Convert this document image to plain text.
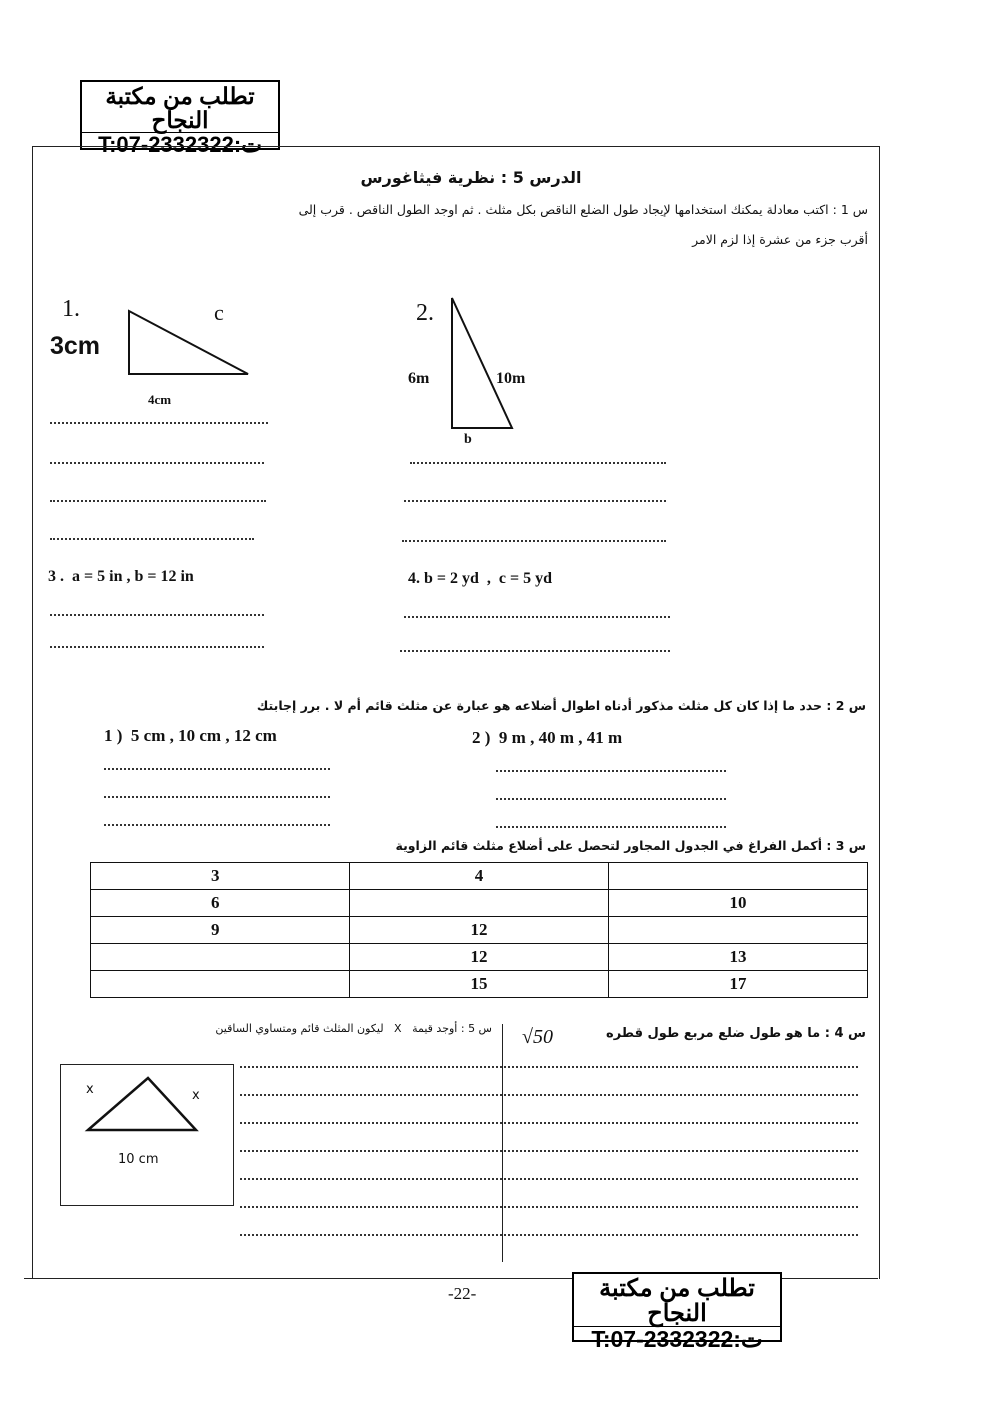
تطلب من مكتبة النجاح
T:07-2332322:ت
الدرس 5 : نظرية فيثاغورس
س 1 : اكتب معادلة يمكنك استخدامها لإيجاد طول الضلع الناقص بكل مثلث . ثم اوجد الطول الناقص . قرب إلى
أقرب جزء من عشرة إذا لزم الامر
1.
3cm
c
4cm
2.
6m	10m
b
3 .  a = 5 in , b = 12 in	4. b = 2 yd  ,  c = 5 yd
س 2 : حدد ما إذا كان كل مثلث مذكور أدناه اطوال أضلاعه هو عبارة عن مثلث قائم أم لا . برر إجابتك
1 )  5 cm , 10 cm , 12 cm	2 )  9 m , 40 m , 41 m
س 3 : أكمل الفراغ في الجدول المجاور لتحصل على أضلاع مثلث قائم الزاوية
3	4	
6		10
9	12	
	12	13
	15	17
س 4 : ما هو طول ضلع مربع طول قطره
√50
س 5 : أوجد قيمة   X   ليكون المثلث قائم ومتساوي الساقين
x	x
10 cm
-22-	تطلب من مكتبة النجاح
T:07-2332322:ت
